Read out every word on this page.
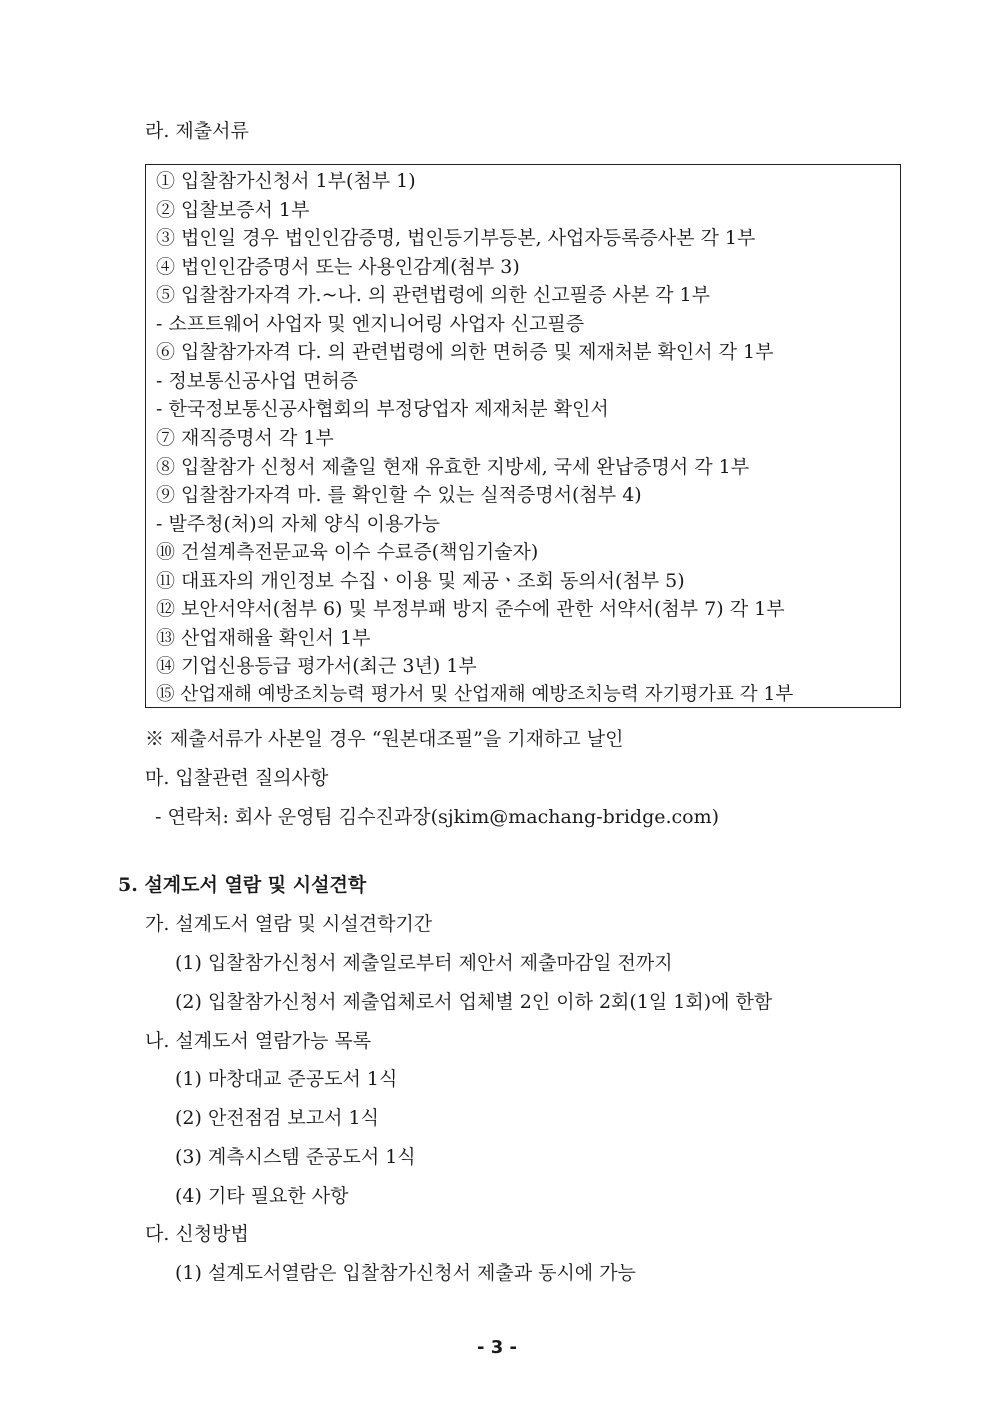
라. 제출서류
① 입찰참가신청서 1부(첨부 1)
② 입찰보증서 1부
③ 법인일 경우 법인인감증명, 법인등기부등본, 사업자등록증사본 각 1부
④ 법인인감증명서 또는 사용인감계(첨부 3)
⑤ 입찰참가자격 가.~나. 의 관련법령에 의한 신고필증 사본 각 1부
- 소프트웨어 사업자 및 엔지니어링 사업자 신고필증
⑥ 입찰참가자격 다. 의 관련법령에 의한 면허증 및 제재처분 확인서 각 1부
- 정보통신공사업 면허증
- 한국정보통신공사협회의 부정당업자 제재처분 확인서
⑦ 재직증명서 각 1부
⑧ 입찰참가 신청서 제출일 현재 유효한 지방세, 국세 완납증명서 각 1부
⑨ 입찰참가자격 마. 를 확인할 수 있는 실적증명서(첨부 4)
- 발주청(처)의 자체 양식 이용가능
⑩ 건설계측전문교육 이수 수료증(책임기술자)
⑪ 대표자의 개인정보 수집ㆍ이용 및 제공ㆍ조회 동의서(첨부 5)
⑫ 보안서약서(첨부 6) 및 부정부패 방지 준수에 관한 서약서(첨부 7) 각 1부
⑬ 산업재해율 확인서 1부
⑭ 기업신용등급 평가서(최근 3년) 1부
⑮ 산업재해 예방조치능력 평가서 및 산업재해 예방조치능력 자기평가표 각 1부
※ 제출서류가 사본일 경우 “원본대조필”을 기재하고 날인
마. 입찰관련 질의사항
- 연락처: 회사 운영팀 김수진과장(sjkim@machang-bridge.com)
5. 설계도서 열람 및 시설견학
가. 설계도서 열람 및 시설견학기간
(1) 입찰참가신청서 제출일로부터 제안서 제출마감일 전까지
(2) 입찰참가신청서 제출업체로서 업체별 2인 이하 2회(1일 1회)에 한함
나. 설계도서 열람가능 목록
(1) 마창대교 준공도서 1식
(2) 안전점검 보고서 1식
(3) 계측시스템 준공도서 1식
(4) 기타 필요한 사항
다. 신청방법
(1) 설계도서열람은 입찰참가신청서 제출과 동시에 가능
- 3 -
